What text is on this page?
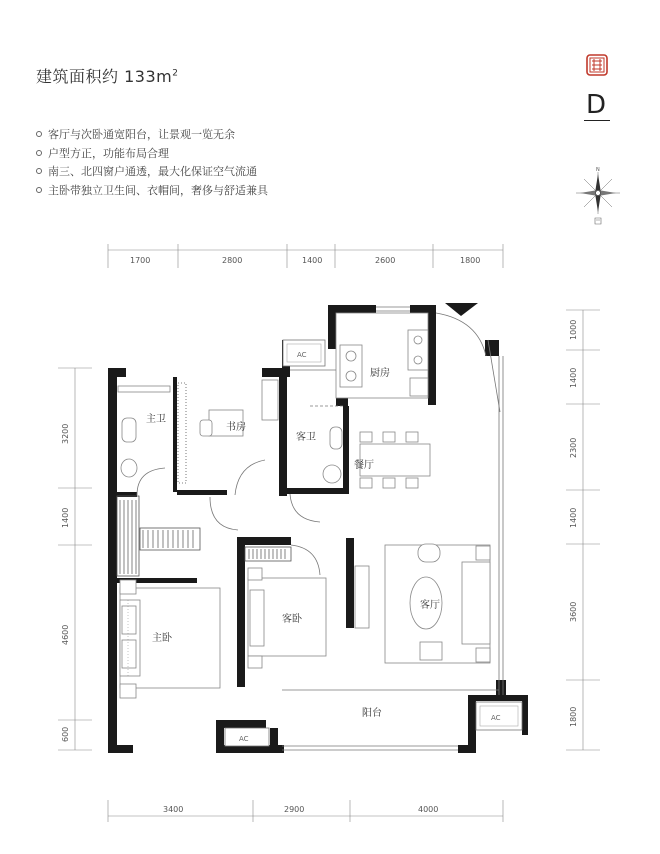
建筑面积约 $133m^2$
客厅与次卧通宽阳台，让景观一览无余
户型方正，功能布局合理
南三、北四窗户通透，最大化保证空气流通
主卧带独立卫生间、衣帽间，奢侈与舒适兼具
D
N
1700	2800	1400	2600	1800
3400	2900	4000
3200
1400
4600
600
1000
1400
2300
1400
3600
1800
AC
AC
AC
主卫
书房
客卫
厨房
餐厅
客厅
主卧
客卧
阳台
